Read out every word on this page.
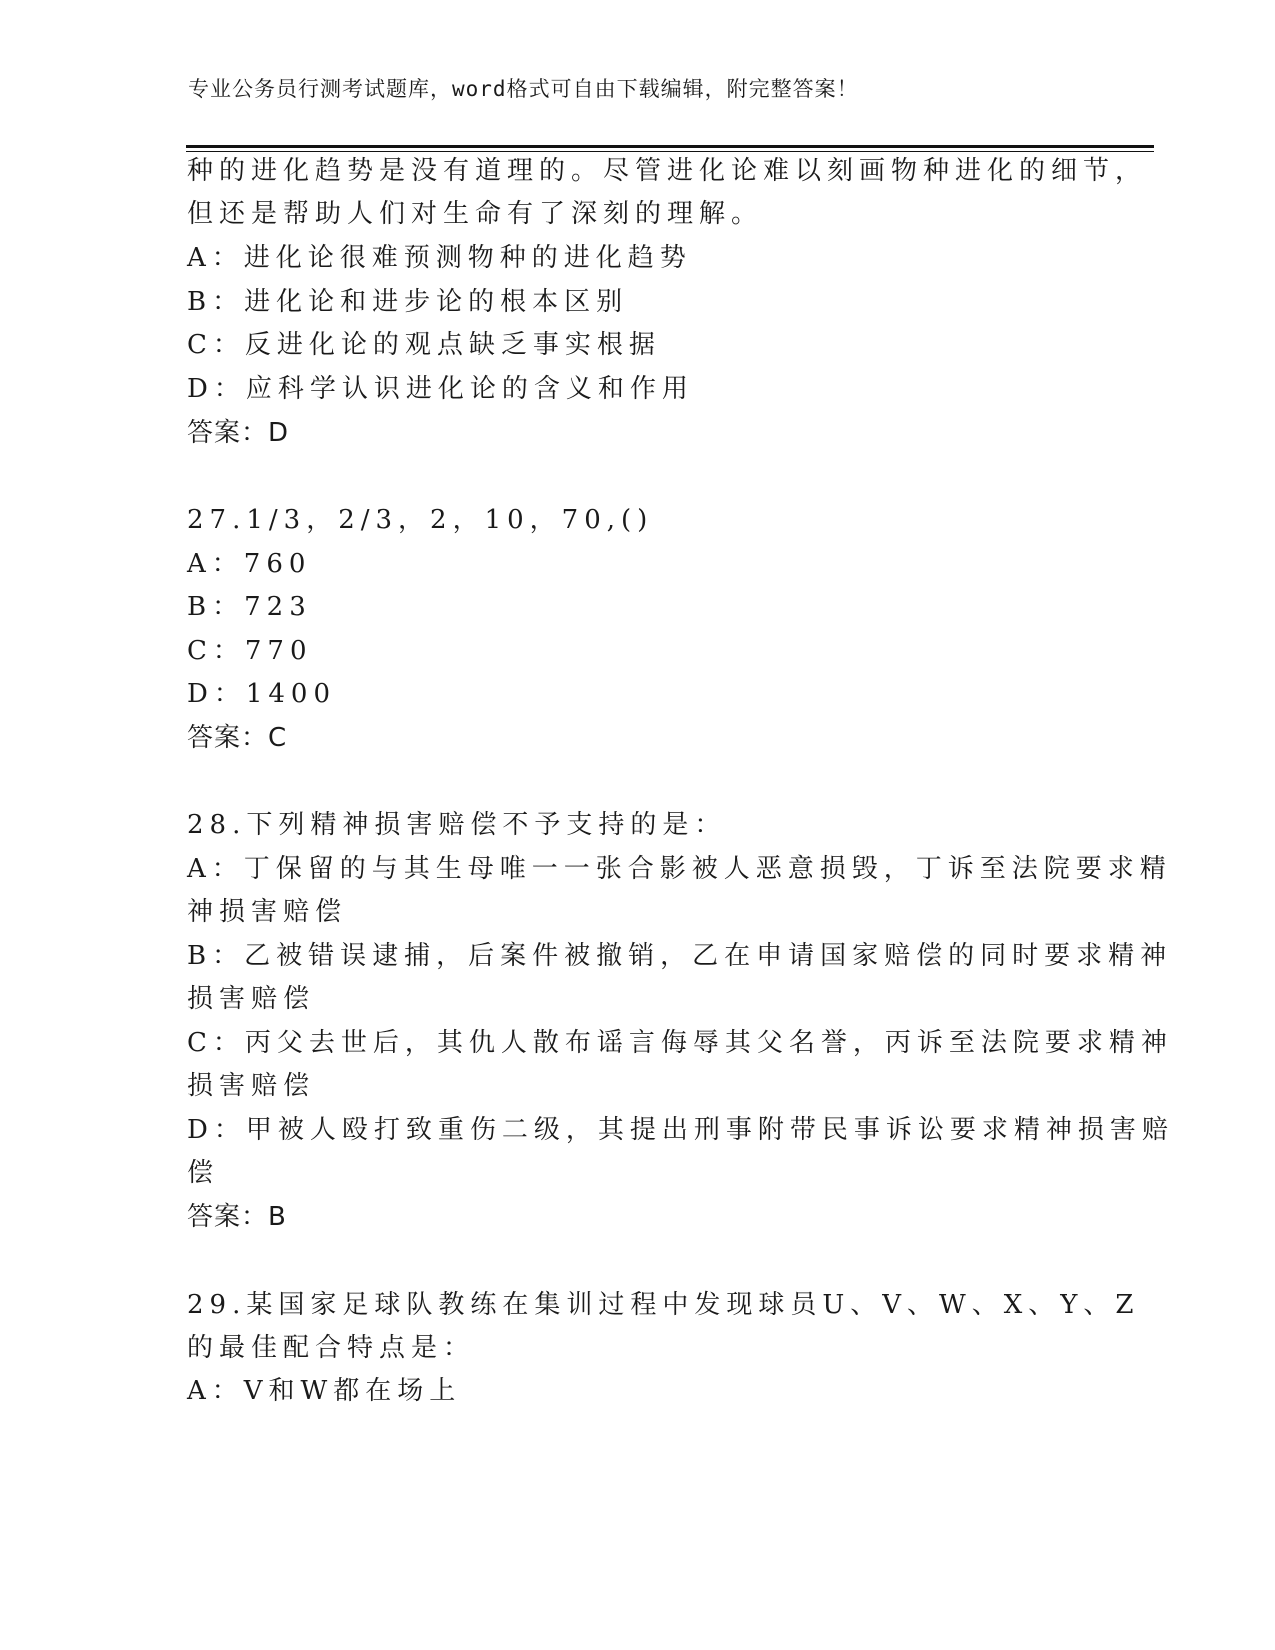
专业公务员行测考试题库，word格式可自由下载编辑，附完整答案！
种的进化趋势是没有道理的。尽管进化论难以刻画物种进化的细节，
但还是帮助人们对生命有了深刻的理解。
A：进化论很难预测物种的进化趋势
B：进化论和进步论的根本区别
C：反进化论的观点缺乏事实根据
D：应科学认识进化论的含义和作用
答案：D
27.1/3，2/3，2，10，70,()
A：760
B：723
C：770
D：1400
答案：C
28.下列精神损害赔偿不予支持的是：
A：丁保留的与其生母唯一一张合影被人恶意损毁，丁诉至法院要求精
神损害赔偿
B：乙被错误逮捕，后案件被撤销，乙在申请国家赔偿的同时要求精神
损害赔偿
C：丙父去世后，其仇人散布谣言侮辱其父名誉，丙诉至法院要求精神
损害赔偿
D：甲被人殴打致重伤二级，其提出刑事附带民事诉讼要求精神损害赔
偿
答案：B
29.某国家足球队教练在集训过程中发现球员U、V、W、X、Y、Z
的最佳配合特点是：
A：V和W都在场上
